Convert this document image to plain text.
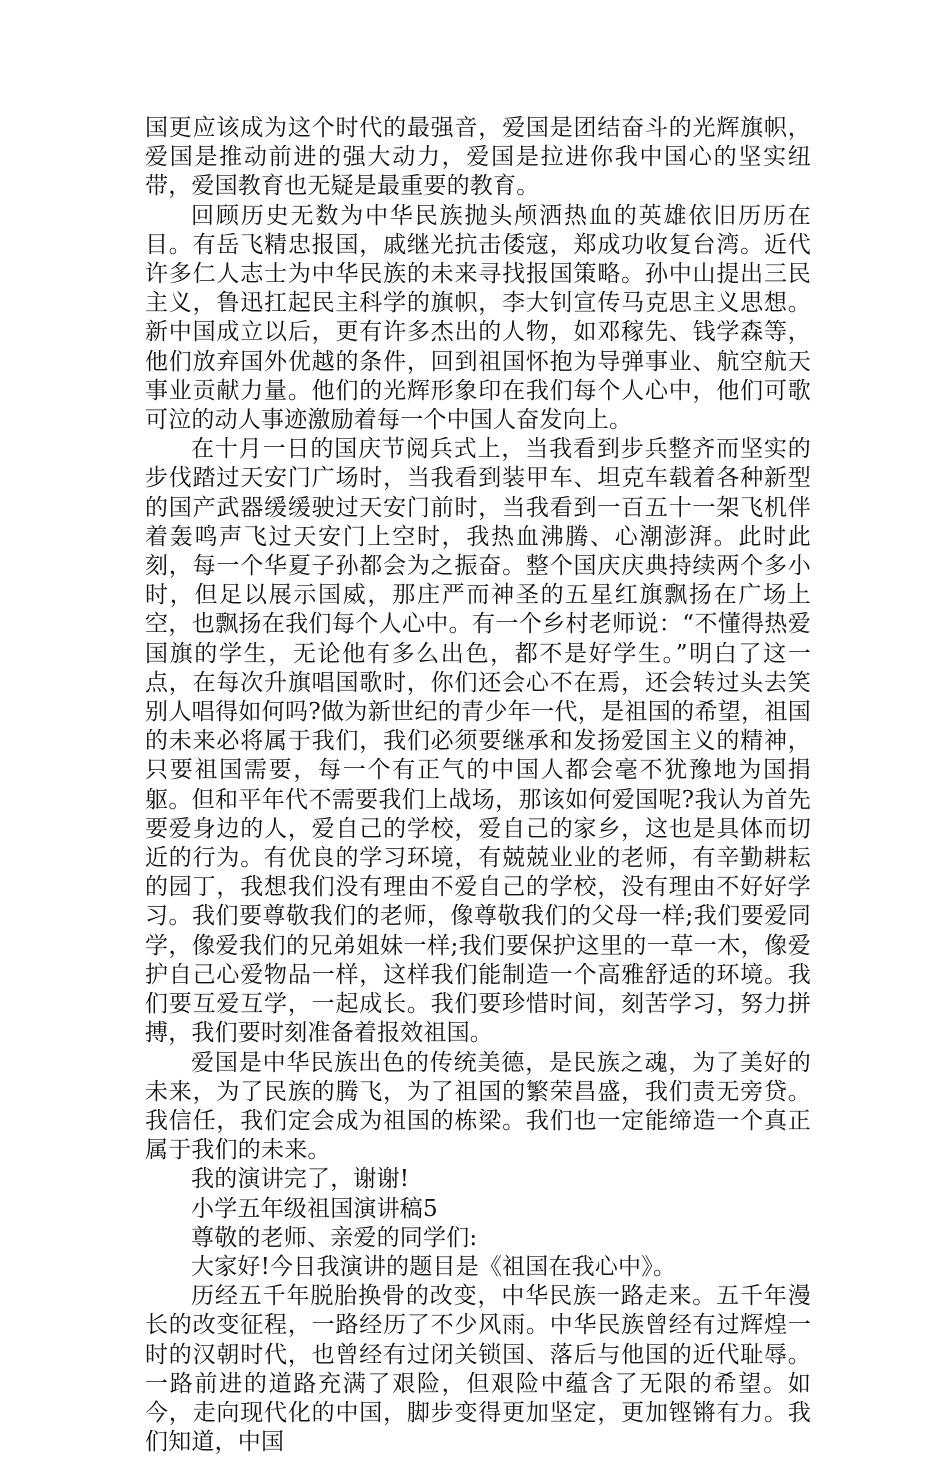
国更应该成为这个时代的最强音，爱国是团结奋斗的光辉旗帜，爱国是推动前进的强大动力，爱国是拉进你我中国心的坚实纽带，爱国教育也无疑是最重要的教育。

回顾历史无数为中华民族抛头颅洒热血的英雄依旧历历在目。有岳飞精忠报国，戚继光抗击倭寇，郑成功收复台湾。近代许多仁人志士为中华民族的未来寻找报国策略。孙中山提出三民主义，鲁迅扛起民主科学的旗帜，李大钊宣传马克思主义思想。新中国成立以后，更有许多杰出的人物，如邓稼先、钱学森等，他们放弃国外优越的条件，回到祖国怀抱为导弹事业、航空航天事业贡献力量。他们的光辉形象印在我们每个人心中，他们可歌可泣的动人事迹激励着每一个中国人奋发向上。

在十月一日的国庆节阅兵式上，当我看到步兵整齐而坚实的步伐踏过天安门广场时，当我看到装甲车、坦克车载着各种新型的国产武器缓缓驶过天安门前时，当我看到一百五十一架飞机伴着轰鸣声飞过天安门上空时，我热血沸腾、心潮澎湃。此时此刻，每一个华夏子孙都会为之振奋。整个国庆庆典持续两个多小时，但足以展示国威，那庄严而神圣的五星红旗飘扬在广场上空，也飘扬在我们每个人心中。有一个乡村老师说：“不懂得热爱国旗的学生，无论他有多么出色，都不是好学生。”明白了这一点，在每次升旗唱国歌时，你们还会心不在焉，还会转过头去笑别人唱得如何吗?做为新世纪的青少年一代，是祖国的希望，祖国的未来必将属于我们，我们必须要继承和发扬爱国主义的精神，只要祖国需要，每一个有正气的中国人都会毫不犹豫地为国捐躯。但和平年代不需要我们上战场，那该如何爱国呢?我认为首先要爱身边的人，爱自己的学校，爱自己的家乡，这也是具体而切近的行为。有优良的学习环境，有兢兢业业的老师，有辛勤耕耘的园丁，我想我们没有理由不爱自己的学校，没有理由不好好学习。我们要尊敬我们的老师，像尊敬我们的父母一样;我们要爱同学，像爱我们的兄弟姐妹一样;我们要保护这里的一草一木，像爱护自己心爱物品一样，这样我们能制造一个高雅舒适的环境。我们要互爱互学，一起成长。我们要珍惜时间，刻苦学习，努力拼搏，我们要时刻准备着报效祖国。

爱国是中华民族出色的传统美德，是民族之魂，为了美好的未来，为了民族的腾飞，为了祖国的繁荣昌盛，我们责无旁贷。我信任，我们定会成为祖国的栋梁。我们也一定能缔造一个真正属于我们的未来。

我的演讲完了，谢谢!

小学五年级祖国演讲稿5

尊敬的老师、亲爱的同学们:

大家好!今日我演讲的题目是《祖国在我心中》。

历经五千年脱胎换骨的改变，中华民族一路走来。五千年漫长的改变征程，一路经历了不少风雨。中华民族曾经有过辉煌一时的汉朝时代，也曾经有过闭关锁国、落后与他国的近代耻辱。一路前进的道路充满了艰险，但艰险中蕴含了无限的希望。如今，走向现代化的中国，脚步变得更加坚定，更加铿锵有力。我们知道，中国
